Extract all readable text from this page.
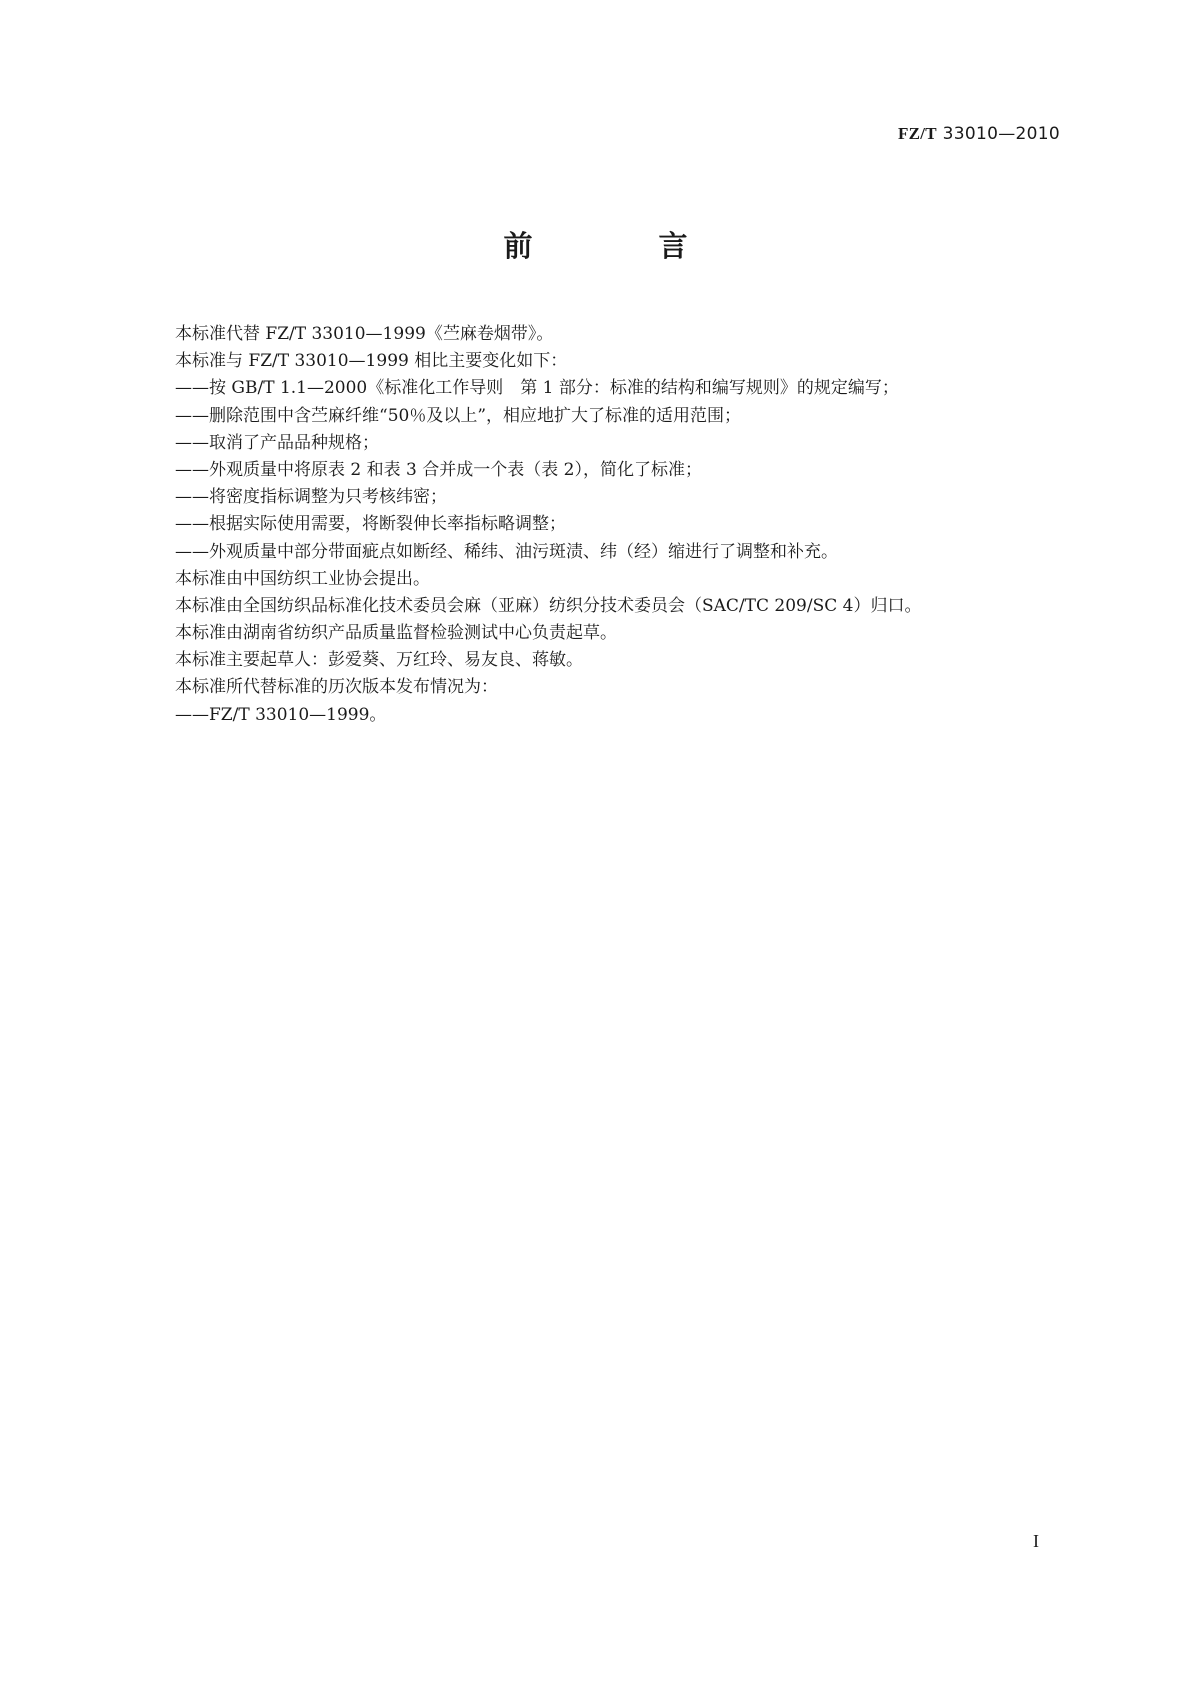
FZ/T 33010—2010
前 言
本标准代替 FZ/T 33010—1999《苎麻卷烟带》。
本标准与 FZ/T 33010—1999 相比主要变化如下：
——按 GB/T 1.1—2000《标准化工作导则　第 1 部分：标准的结构和编写规则》的规定编写；
——删除范围中含苎麻纤维“50％及以上”，相应地扩大了标准的适用范围；
——取消了产品品种规格；
——外观质量中将原表 2 和表 3 合并成一个表（表 2），简化了标准；
——将密度指标调整为只考核纬密；
——根据实际使用需要，将断裂伸长率指标略调整；
——外观质量中部分带面疵点如断经、稀纬、油污斑渍、纬（经）缩进行了调整和补充。
本标准由中国纺织工业协会提出。
本标准由全国纺织品标准化技术委员会麻（亚麻）纺织分技术委员会（SAC/TC 209/SC 4）归口。
本标准由湖南省纺织产品质量监督检验测试中心负责起草。
本标准主要起草人：彭爱葵、万红玲、易友良、蒋敏。
本标准所代替标准的历次版本发布情况为：
——FZ/T 33010—1999。
I
